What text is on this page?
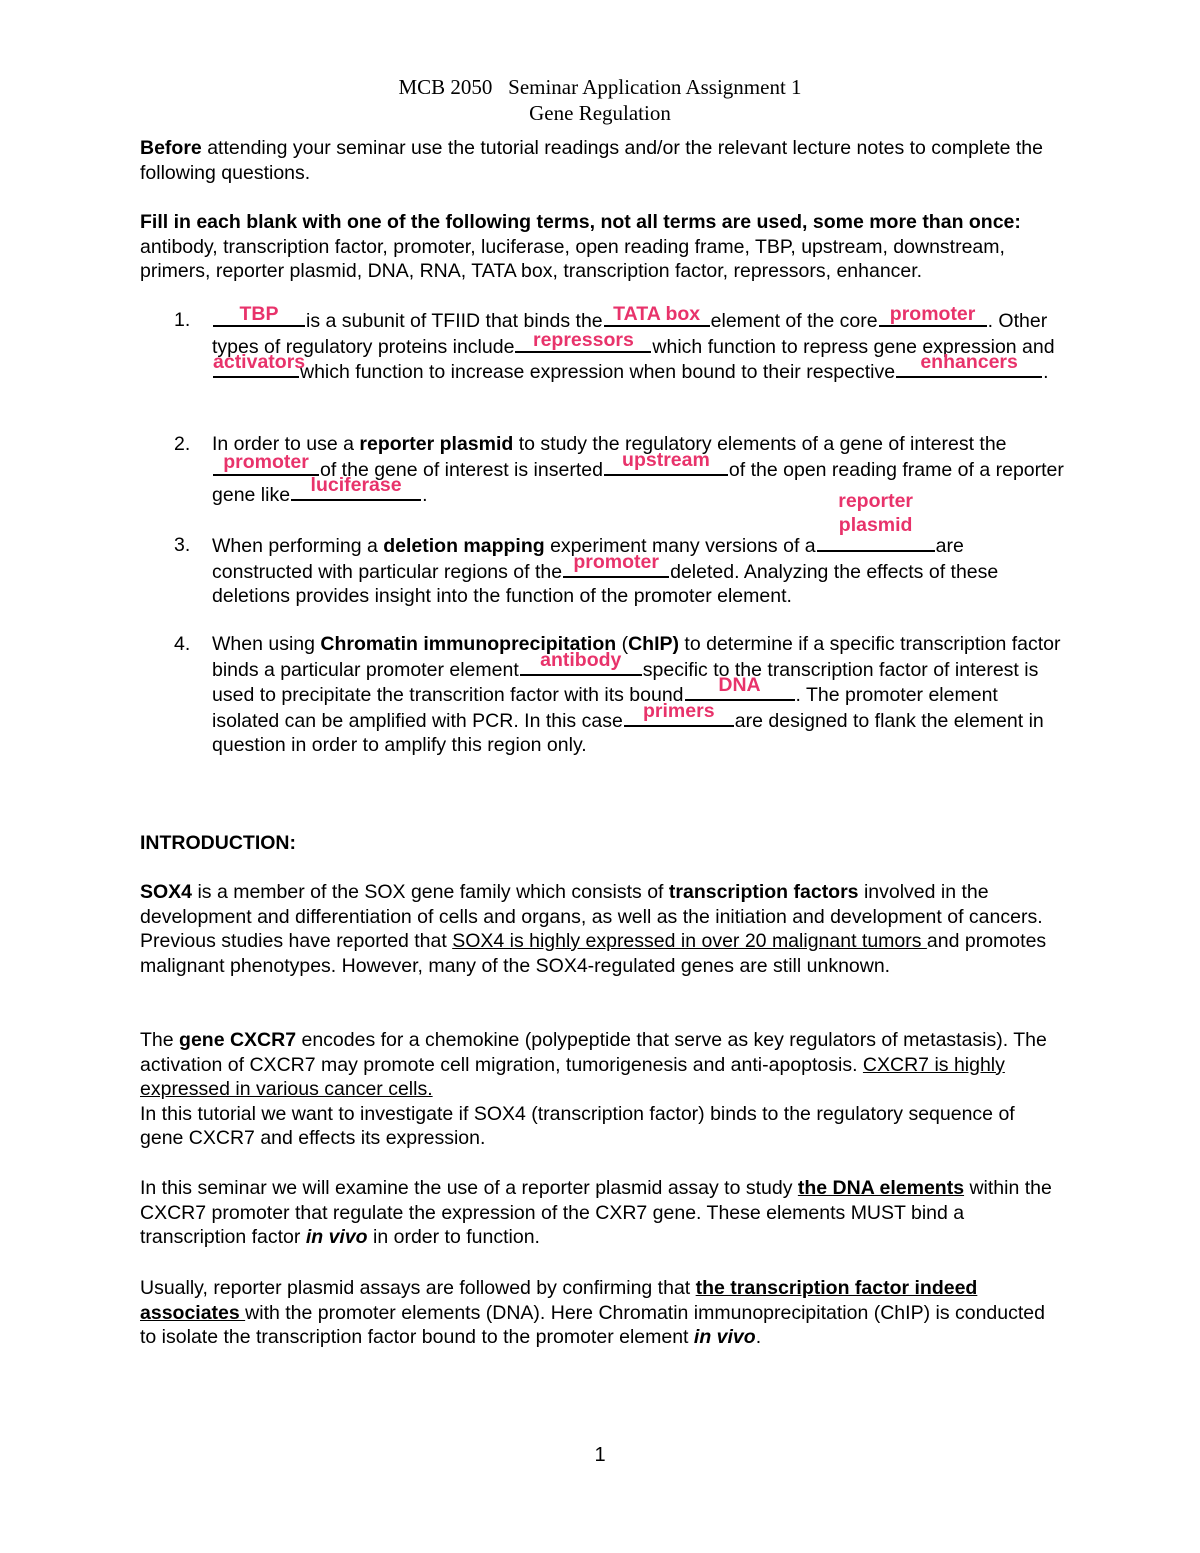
MCB 2050   Seminar Application Assignment 1
Gene Regulation
Before attending your seminar use the tutorial readings and/or the relevant lecture notes to complete the following questions.
Fill in each blank with one of the following terms, not all terms are used, some more than once: antibody, transcription factor, promoter, luciferase, open reading frame, TBP, upstream, downstream, primers, reporter plasmid, DNA, RNA, TATA box, transcription factor, repressors, enhancer.
1.	TBP	is a subunit of TFIID that binds the TATA box element of the core promoter . Other types of regulatory proteins include repressors which function to repress gene expression and
activators
which function to increase expression when bound to their respective	enhancers	.
2. In order to use a reporter plasmid to study the regulatory elements of a gene of interest the
promoter of the gene of interest is inserted upstream of the open reading frame of a reporter gene like	luciferase	.
3. When performing a deletion mapping experiment many versions of a
reporter
plasmid
are constructed with particular regions of the promoter deleted. Analyzing the effects of these deletions provides insight into the function of the promoter element.
4. When using Chromatin immunoprecipitation (ChIP) to determine if a specific transcription factor binds a particular promoter element	antibody	specific to the transcription factor of interest is used to precipitate the transcrition factor with its bound	DNA	. The promoter element isolated can be amplified with PCR. In this case	primers	are designed to flank the element in question in order to amplify this region only.
INTRODUCTION:
SOX4 is a member of the SOX gene family which consists of transcription factors involved in the development and differentiation of cells and organs, as well as the initiation and development of cancers. Previous studies have reported that SOX4 is highly expressed in over 20 malignant tumors and promotes malignant phenotypes. However, many of the SOX4-regulated genes are still unknown.
The gene CXCR7 encodes for a chemokine (polypeptide that serve as key regulators of metastasis). The activation of CXCR7 may promote cell migration, tumorigenesis and anti-apoptosis. CXCR7 is highly expressed in various cancer cells.
In this tutorial we want to investigate if SOX4 (transcription factor) binds to the regulatory sequence of gene CXCR7 and effects its expression.
In this seminar we will examine the use of a reporter plasmid assay to study the DNA elements within the CXCR7 promoter that regulate the expression of the CXR7 gene. These elements MUST bind a transcription factor in vivo in order to function.
Usually, reporter plasmid assays are followed by confirming that the transcription factor indeed associates with the promoter elements (DNA). Here Chromatin immunoprecipitation (ChIP) is conducted to isolate the transcription factor bound to the promoter element in vivo.
1
